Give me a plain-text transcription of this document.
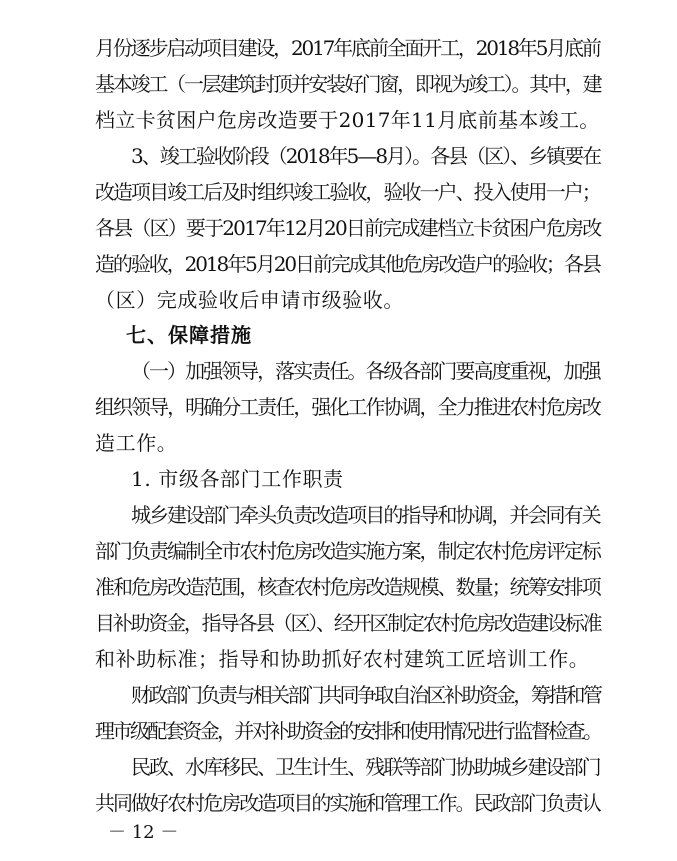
月份逐步启动项目建设，2017年底前全面开工，2018年5月底前
基本竣工（一层建筑封顶并安装好门窗，即视为竣工）。其中，建
档立卡贫困户危房改造要于2017年11月底前基本竣工。
3、竣工验收阶段（2018年5—8月）。各县（区）、乡镇要在
改造项目竣工后及时组织竣工验收，验收一户、投入使用一户；
各县（区）要于2017年12月20日前完成建档立卡贫困户危房改
造的验收，2018年5月20日前完成其他危房改造户的验收；各县
（区）完成验收后申请市级验收。
七、保障措施
（一）加强领导，落实责任。各级各部门要高度重视，加强
组织领导，明确分工责任，强化工作协调，全力推进农村危房改
造工作。
1. 市级各部门工作职责
城乡建设部门牵头负责改造项目的指导和协调，并会同有关
部门负责编制全市农村危房改造实施方案，制定农村危房评定标
准和危房改造范围，核查农村危房改造规模、数量；统筹安排项
目补助资金，指导各县（区）、经开区制定农村危房改造建设标准
和补助标准；指导和协助抓好农村建筑工匠培训工作。
财政部门负责与相关部门共同争取自治区补助资金，筹措和管
理市级配套资金，并对补助资金的安排和使用情况进行监督检查。
民政、水库移民、卫生计生、残联等部门协助城乡建设部门
共同做好农村危房改造项目的实施和管理工作。民政部门负责认
－ 12 －
